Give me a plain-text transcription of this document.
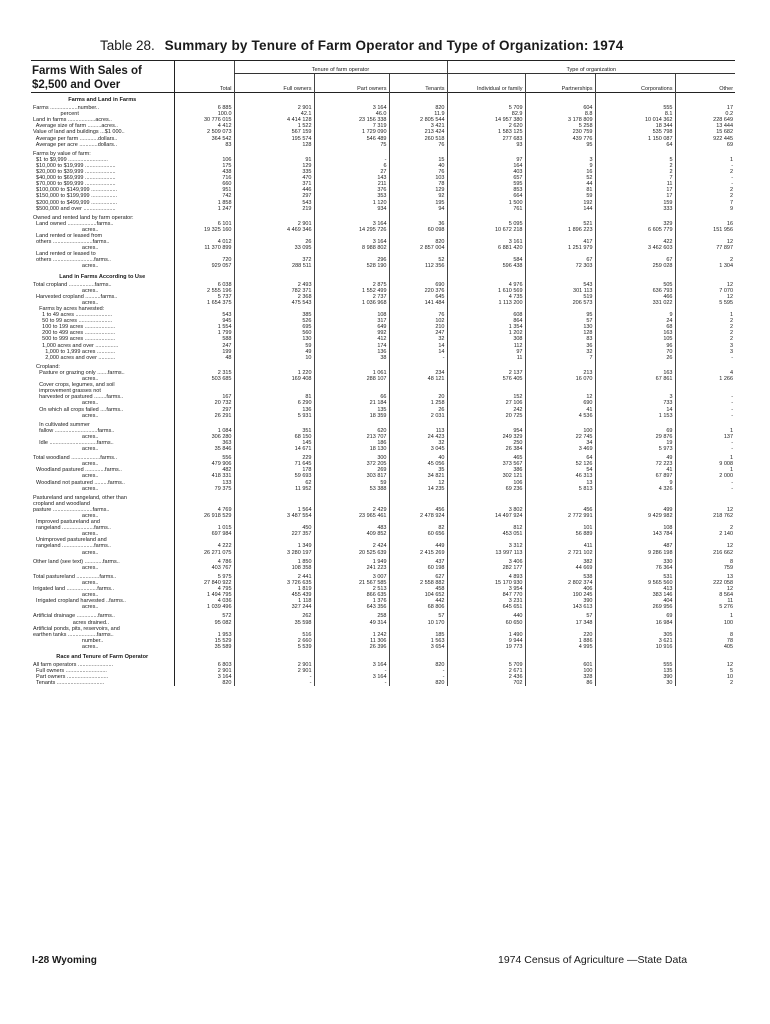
Table 28. Summary by Tenure of Farm Operator and Type of Organization: 1974
		Tenure of farm operator			Type of organization			
	Total	Full owners	Part owners	Tenants	Individual or family	Partnerships	Corporations	Other

Farms and Land in Farms								
Farms ..................number..	6 885	2 901	3 164	820	5 709	604	555	17
percent	100.0	42.1	46.0	11.9	82.9	8.8	8.1	0.2
Land in farms ..................acres..	30 776 015	4 414 128	23 156 338	2 805 544	14 957 380	3 178 809	10 014 362	228 649
Average size of farm .........acres..	4 412	1 522	7 319	3 421	2 620	5 258	18 344	13 444
Value of land and buildings ...$1 000..	2 509 073	567 159	1 729 090	213 424	1 583 125	230 759	535 798	15 682
Average per farm ............dollars..	364 542	195 574	546 489	260 518	277 683	439 776	1 150 087	922 445
Average per acre ............dollars..	83	128	75	76	93	95	64	69

Farms by value of farm:								
$1 to $9,999 ..........................	106	91	-	15	97	3	5	1
$10,000 to $19,999 ....................	175	129	6	40	164	9	2	-
$20,000 to $39,999 ....................	438	335	27	76	403	16	2	2
$40,000 to $69,999 ....................	716	470	143	103	657	52	7	-
$70,000 to $99,999 ....................	660	371	211	78	595	44	11	-
$100,000 to $149,999 .................	951	446	376	129	853	81	17	2
$150,000 to $199,999 .................	742	297	353	92	664	59	17	2
$200,000 to $499,999 .................	1 858	543	1 120	195	1 500	192	159	7
$500,000 and over .....................	1 247	219	934	94	761	144	333	9

Owned and rented land by farm operator:								
Land owned ...................farms..	6 101	2 901	3 164	36	5 095	521	329	16
acres..	19 325 160	4 469 346	14 295 726	60 098	10 672 218	1 896 223	6 605 779	151 956
Land rented or leased from								
others ..........................farms..	4 012	26	3 164	820	3 161	417	422	12
acres..	11 370 899	33 095	8 988 802	2 857 004	6 881 420	1 251 979	3 462 603	77 897
Land rented or leased to								
others ...........................farms..	720	372	296	52	584	67	67	2
acres..	929 057	288 511	528 190	112 356	596 438	72 303	259 028	1 304
Land in Farms According to Use								
Total cropland .................farms..	6 038	2 493	2 875	690	4 976	543	505	12
acres..	2 555 196	782 371	1 552 499	220 376	1 610 569	301 113	636 793	7 070
Harvested cropland ..........farms..	5 737	2 368	2 737	645	4 735	519	466	12
acres..	1 654 375	475 543	1 036 968	141 484	1 113 200	206 573	331 022	5 595
Farms by acres harvested:								
1 to 49 acres ........................	543	385	108	76	608	95	9	1
50 to 99 acres ......................	945	526	317	102	864	57	24	2
100 to 199 acres ....................	1 554	695	649	210	1 354	130	68	2
200 to 499 acres ....................	1 799	560	992	247	1 202	128	163	2
500 to 999 acres ....................	588	130	412	32	308	83	105	2
1,000 acres and over ...............	247	59	174	14	112	36	96	3
1,000 to 1,999 acres ............	199	49	136	14	97	32	70	3
2,000 acres and over ...........	48	10	38	-	11	7	26	-

Cropland:								
Pasture or grazing only .......farms..	2 315	1 220	1 061	234	2 137	213	163	4
acres..	503 685	169 408	288 107	48 121	576 405	16 070	67 861	1 266
Cover crops, legumes, and soil								
improvement grasses not								
harvested or pastured ........farms..	167	81	66	20	152	12	3	-
acres..	20 732	6 290	21 184	1 258	27 106	690	733	-
On which all crops failed ....farms..	297	136	135	26	242	41	14	-
acres..	26 291	5 931	18 359	2 031	20 725	4 536	1 153	-

In cultivated summer								
fallow ............................farms..	1 084	351	620	113	954	100	69	1
acres..	306 280	68 150	213 707	24 423	249 329	22 745	29 876	137
Idle ...............................farms..	363	145	186	32	250	34	19	-
acres..	35 846	14 671	18 130	3 045	26 384	3 469	5 973	-

Total woodland ...................farms..	556	229	300	40	465	64	49	1
acres..	479 906	71 645	372 205	45 056	373 567	52 126	72 223	9 008
Woodland pastured .............farms..	482	178	269	35	386	54	41	1
acres..	418 331	59 693	303 817	34 821	302 121	46 313	67 897	2 000
Woodland not pastured .........farms..	133	62	59	12	106	13	9	-
acres..	79 375	11 952	53 388	14 235	69 236	5 813	4 326	-

Pastureland and rangeland, other than								
cropland and woodland								
pasture ..........................farms..	4 769	1 564	2 429	456	3 802	456	499	12
acres..	26 918 529	3 487 554	23 965 461	2 478 924	14 497 924	2 772 991	9 429 982	218 762
Improved pastureland and								
rangeland .....................farms..	1 015	450	483	82	812	101	108	2
acres..	697 984	227 357	409 852	60 656	453 051	56 889	143 784	2 140
Unimproved pastureland and								
rangeland .....................farms..	4 222	1 349	2 424	449	3 312	411	487	12
acres..	26 271 075	3 280 197	20 525 639	2 415 269	13 997 113	2 721 102	9 286 198	216 662

Other land (see text) ............farms..	4 786	1 850	1 949	437	3 406	382	330	8
acres..	403 767	108 358	241 223	60 198	282 177	44 669	76 364	759

Total pastureland ...............farms..	5 975	2 441	3 007	627	4 893	538	531	13
acres..	27 840 922	3 726 635	21 567 585	2 558 882	15 170 930	2 802 374	9 565 560	222 058
Irrigated land ....................farms..	4 795	1 819	2 513	458	3 954	406	413	12
acres..	1 494 795	455 439	866 635	104 652	847 770	190 245	383 146	8 564
Irrigated cropland harvested ..farms..	4 036	1 118	1 376	442	3 231	390	404	11
acres..	1 039 496	327 244	643 356	68 806	645 651	143 613	269 956	5 276

Artificial drainage ..............farms..	572	262	258	57	440	57	69	1
acres drained..	95 082	35 598	49 314	10 170	60 650	17 348	16 984	100
Artificial ponds, pits, reservoirs, and								
earthen tanks ...................farms..	1 953	516	1 242	185	1 490	220	305	8
number..	15 529	2 660	11 306	1 563	9 944	1 886	3 621	78
acres..	35 589	5 539	26 396	3 654	19 773	4 995	10 916	405
Race and Tenure of Farm Operator								
All farm operators .......................	6 803	2 901	3 164	820	5 709	601	555	12
Full owners ...........................	2 901	2 901	-	-	2 671	100	135	5
Part owners ...........................	3 164	-	3 164	-	2 436	328	390	10
Tenants ...............................	820	-	-	820	702	86	30	2
Farms With Sales of $2,500 and Over
I-28 Wyoming	1974 Census of Agriculture —State Data
